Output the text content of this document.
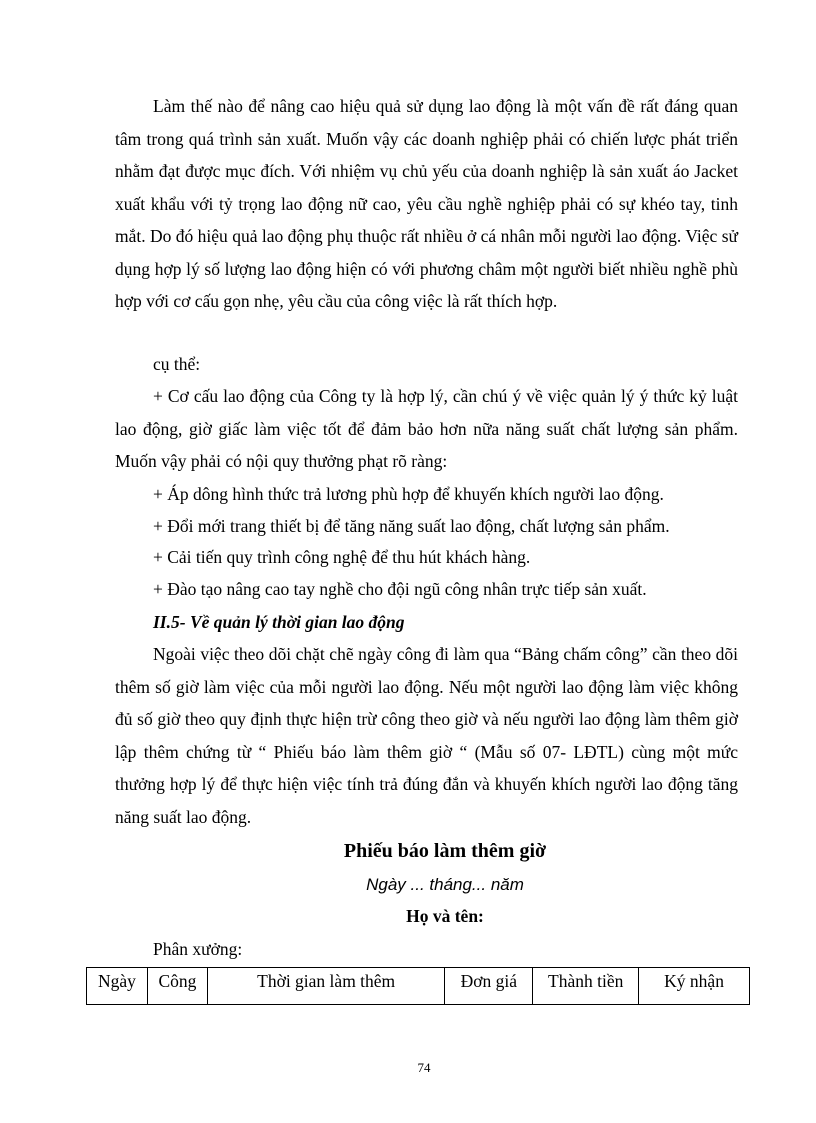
Làm thế nào để nâng cao hiệu quả sử dụng lao động là một vấn đề rất đáng quan tâm trong quá trình sản xuất. Muốn vậy các doanh nghiệp phải có chiến lược phát triển nhằm đạt được mục đích. Với nhiệm vụ chủ yếu của doanh nghiệp là sản xuất áo Jacket xuất khẩu với tỷ trọng lao động nữ cao, yêu cầu nghề nghiệp phải có sự khéo tay, tinh mắt. Do đó hiệu quả lao động phụ thuộc rất nhiều ở cá nhân mỗi người lao động. Việc sử dụng hợp lý số lượng lao động hiện có với phương châm một người biết nhiều nghề phù hợp với cơ cấu gọn nhẹ, yêu cầu của công việc là rất thích hợp.

cụ thể:

+ Cơ cấu lao động của Công ty là hợp lý, cần chú ý về việc quản lý ý thức kỷ luật lao động, giờ giấc làm việc tốt để đảm bảo hơn nữa năng suất chất lượng sản phẩm. Muốn vậy phải có nội quy thưởng phạt rõ ràng:

+ Áp dông hình thức trả lương phù hợp để khuyến khích người lao động.

+ Đổi mới trang thiết bị để tăng năng suất lao động, chất lượng sản phẩm.

+ Cải tiến quy trình công nghệ để thu hút khách hàng.

+ Đào tạo nâng cao tay nghề cho đội ngũ công nhân trực tiếp sản xuất.

II.5- Về quản lý thời gian lao động

Ngoài việc theo dõi chặt chẽ ngày công đi làm qua “Bảng chấm công” cần theo dõi thêm số giờ làm việc của mỗi người lao động. Nếu một người lao động làm việc không đủ số giờ theo quy định thực hiện trừ công theo giờ và nếu người lao động làm thêm giờ lập thêm chứng từ “ Phiếu báo làm thêm giờ “ (Mẫu số 07- LĐTL) cùng một mức thưởng hợp lý để thực hiện việc tính trả đúng đắn và khuyến khích người lao động tăng năng suất lao động.

Phiếu báo làm thêm giờ

Ngày ... tháng... năm

Họ và tên:

Phân xưởng:

Ngày	Công	Thời gian làm thêm	Đơn giá	Thành tiền	Ký nhận

74
